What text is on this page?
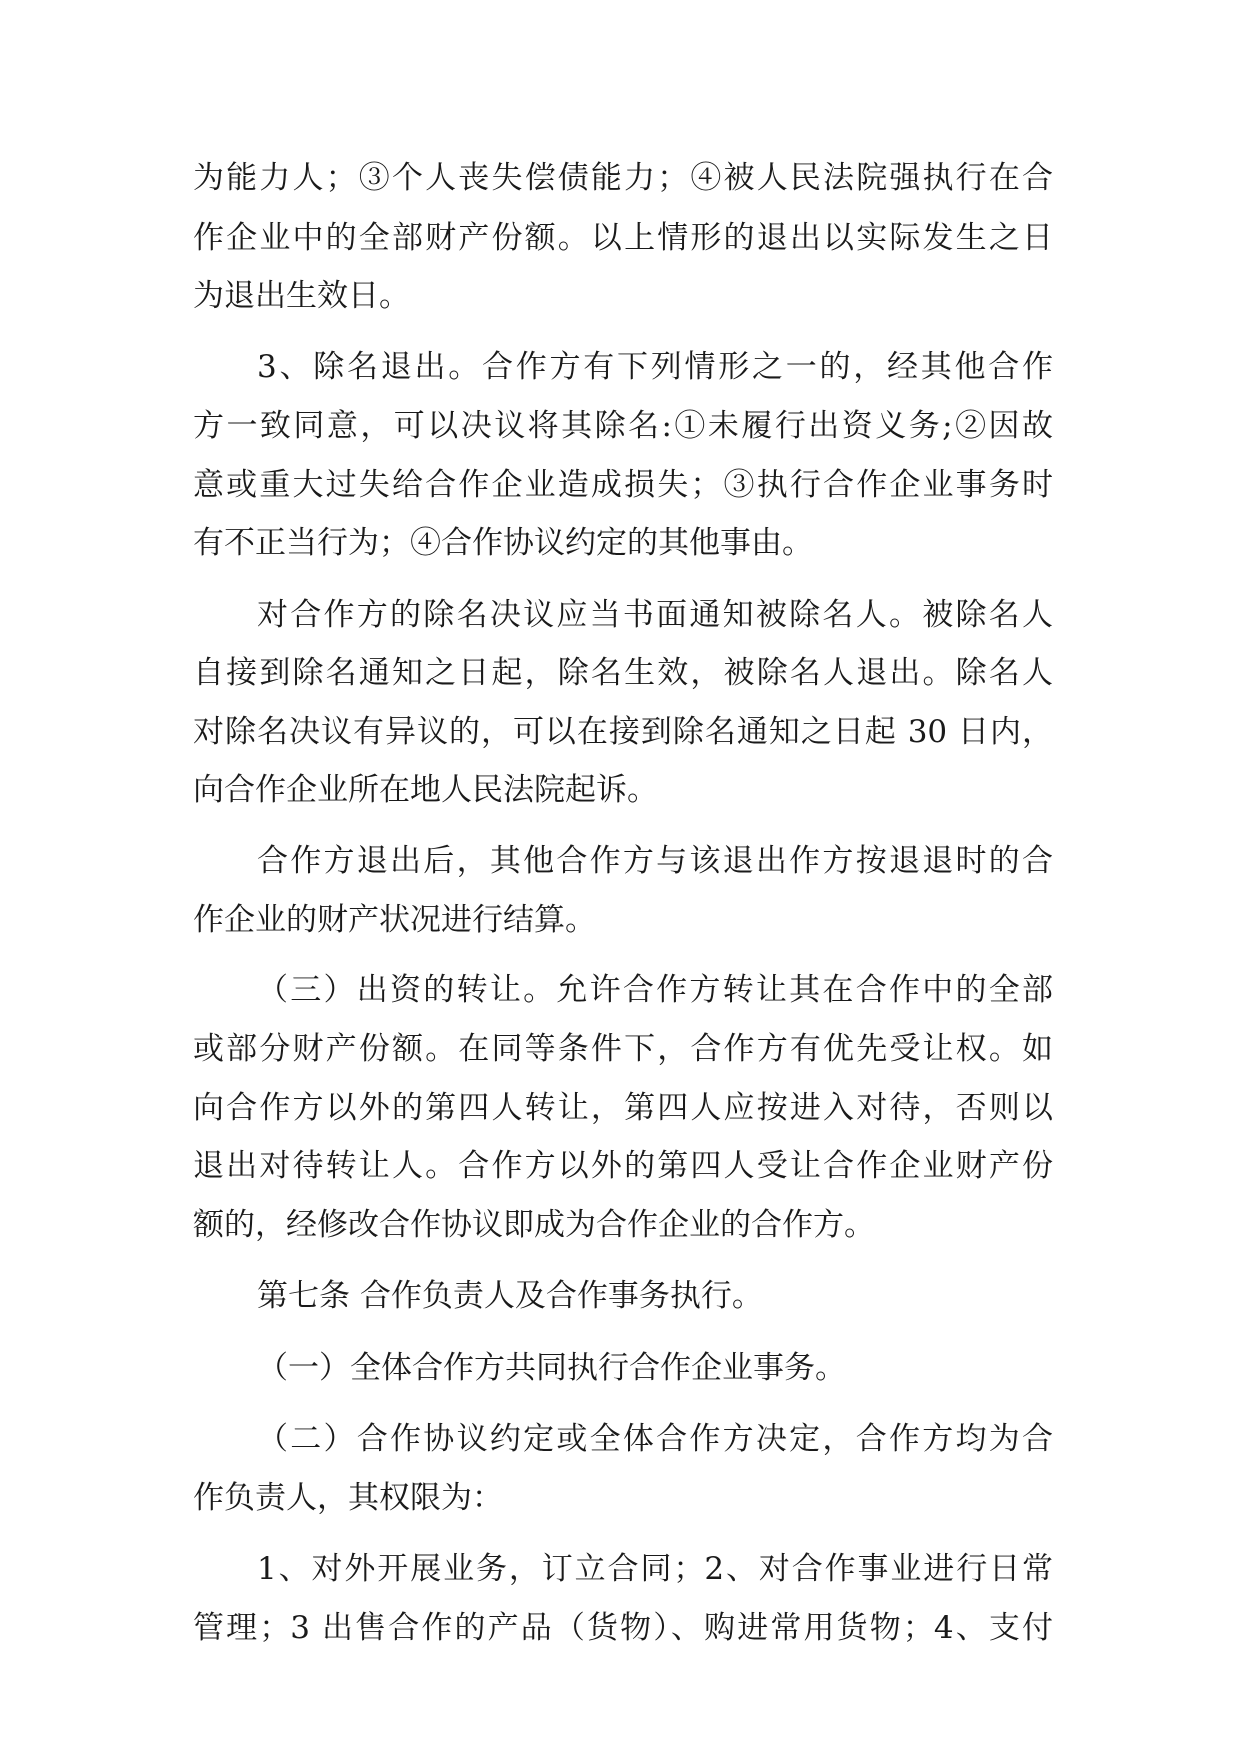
为能力人；③个人丧失偿债能力；④被人民法院强执行在合
作企业中的全部财产份额。以上情形的退出以实际发生之日
为退出生效日。
3、除名退出。合作方有下列情形之一的，经其他合作
方一致同意，可以决议将其除名:①未履行出资义务;②因故
意或重大过失给合作企业造成损失；③执行合作企业事务时
有不正当行为；④合作协议约定的其他事由。
对合作方的除名决议应当书面通知被除名人。被除名人
自接到除名通知之日起，除名生效，被除名人退出。除名人
对除名决议有异议的，可以在接到除名通知之日起 30 日内，
向合作企业所在地人民法院起诉。
合作方退出后，其他合作方与该退出作方按退退时的合
作企业的财产状况进行结算。
（三）出资的转让。允许合作方转让其在合作中的全部
或部分财产份额。在同等条件下，合作方有优先受让权。如
向合作方以外的第四人转让，第四人应按进入对待，否则以
退出对待转让人。合作方以外的第四人受让合作企业财产份
额的，经修改合作协议即成为合作企业的合作方。
第七条 合作负责人及合作事务执行。
（一）全体合作方共同执行合作企业事务。
（二）合作协议约定或全体合作方决定，合作方均为合
作负责人，其权限为：
1、对外开展业务，订立合同；2、对合作事业进行日常
管理；3 出售合作的产品（货物）、购进常用货物；4、支付
